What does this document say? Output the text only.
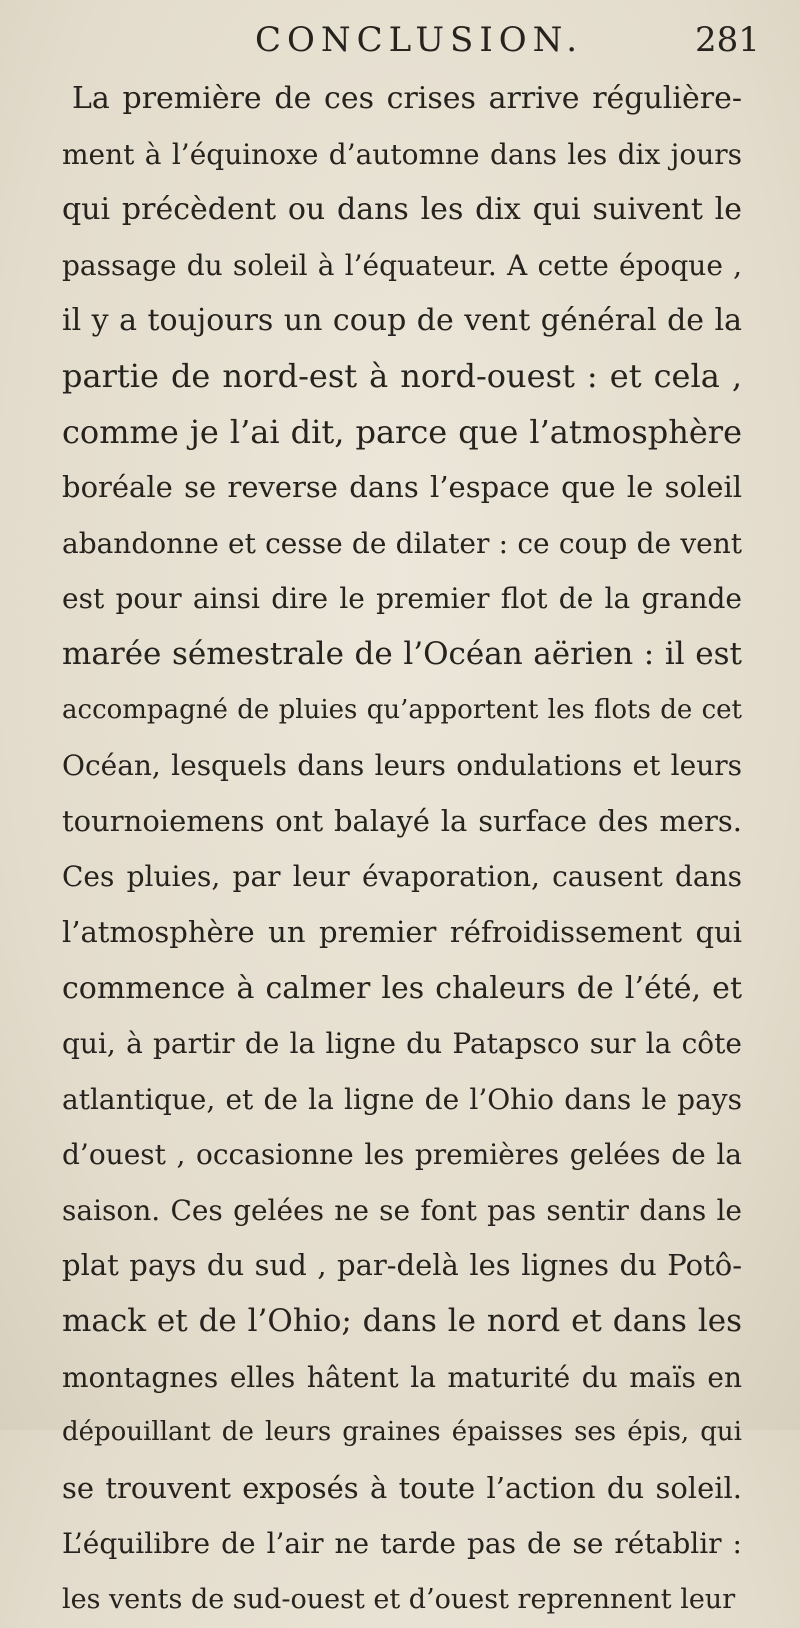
CONCLUSION.	281
La première de ces crises arrive régulière-
ment à l’équinoxe d’automne dans les dix jours
qui précèdent ou dans les dix qui suivent le
passage du soleil à l’équateur. A cette époque ,
il y a toujours un coup de vent général de la
partie de nord-est à nord-ouest : et cela ,
comme je l’ai dit, parce que l’atmosphère
boréale se reverse dans l’espace que le soleil
abandonne et cesse de dilater : ce coup de vent
est pour ainsi dire le premier flot de la grande
marée sémestrale de l’Océan aërien : il est
accompagné de pluies qu’apportent les flots de cet
Océan, lesquels dans leurs ondulations et leurs
tournoiemens ont balayé la surface des mers.
Ces pluies, par leur évaporation, causent dans
l’atmosphère un premier réfroidissement qui
commence à calmer les chaleurs de l’été, et
qui, à partir de la ligne du Patapsco sur la côte
atlantique, et de la ligne de l’Ohio dans le pays
d’ouest , occasionne les premières gelées de la
saison. Ces gelées ne se font pas sentir dans le
plat pays du sud , par-delà les lignes du Potô-
mack et de l’Ohio; dans le nord et dans les
montagnes elles hâtent la maturité du maïs en
dépouillant de leurs graines épaisses ses épis, qui
se trouvent exposés à toute l’action du soleil.
L’équilibre de l’air ne tarde pas de se rétablir :
les vents de sud-ouest et d’ouest reprennent leur
